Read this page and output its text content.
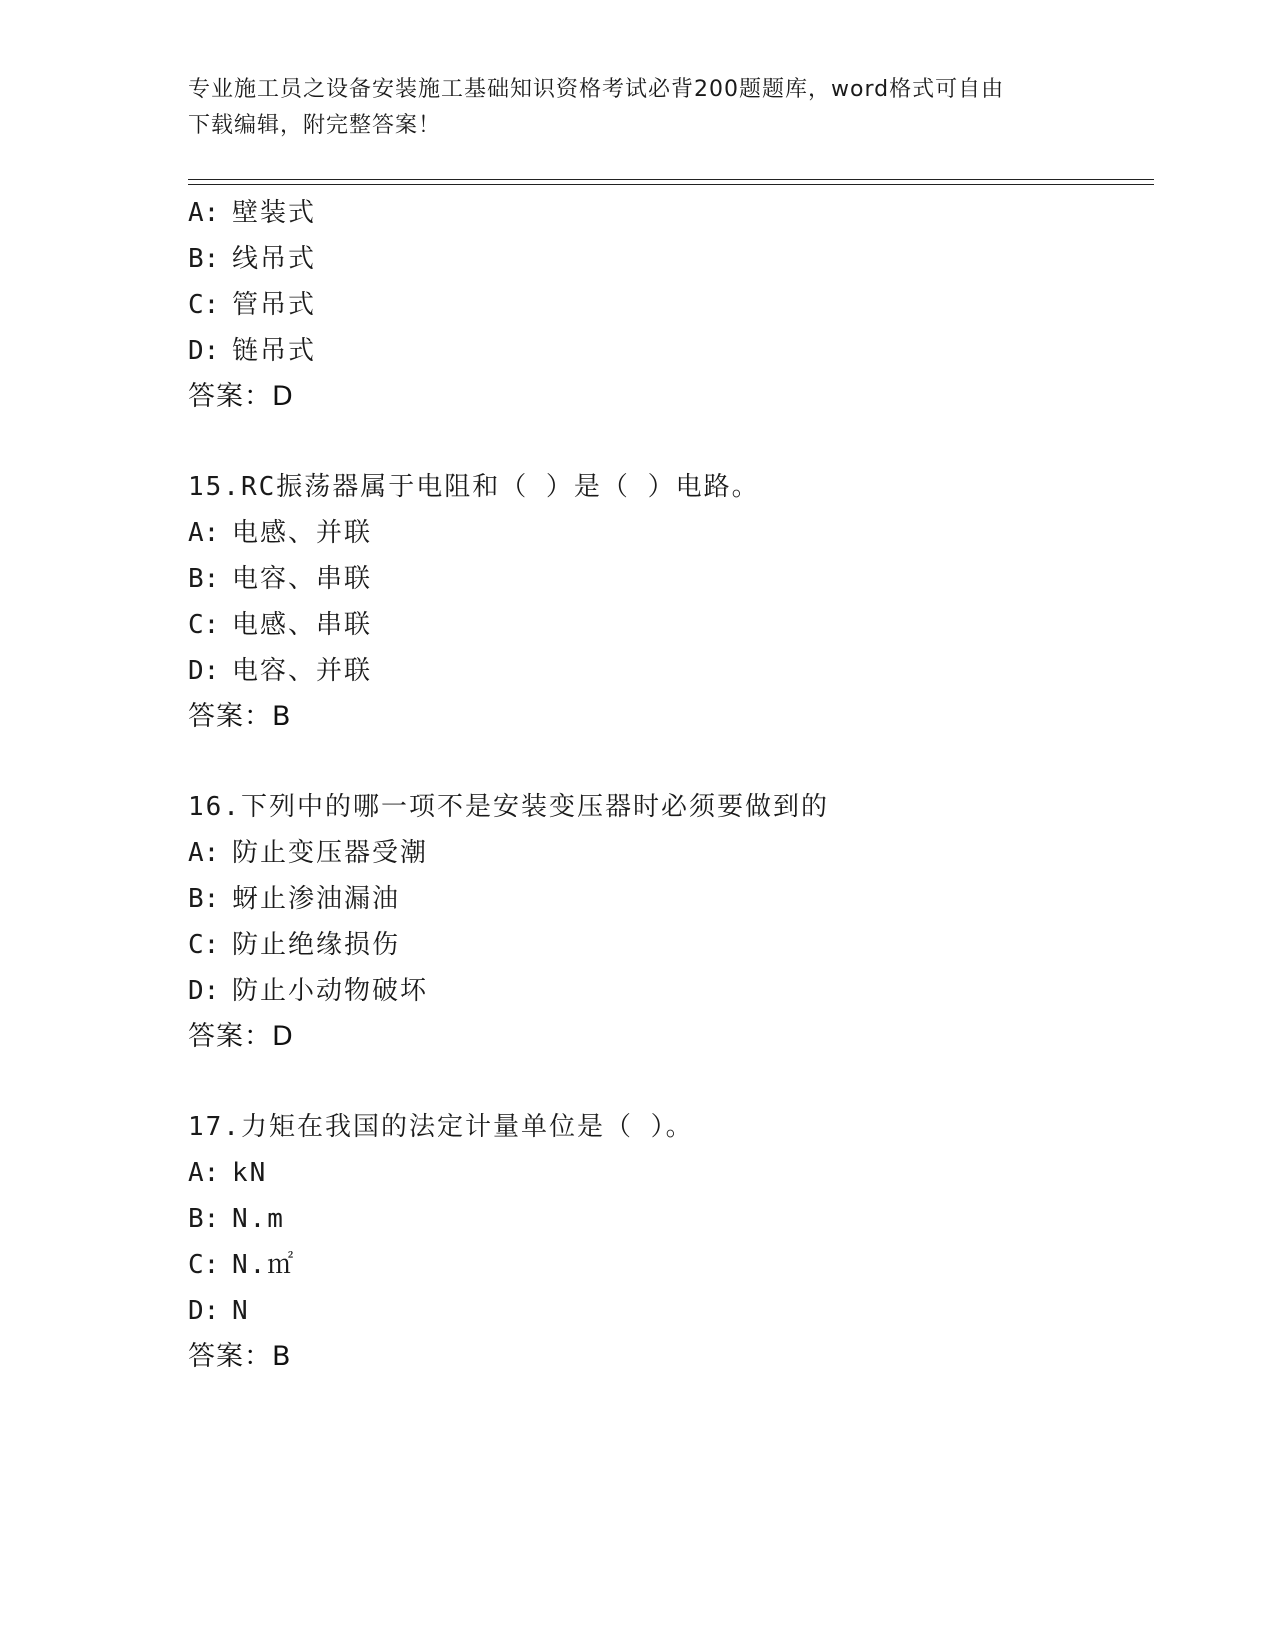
专业施工员之设备安装施工基础知识资格考试必背200题题库，word格式可自由
下载编辑，附完整答案！
A: 壁装式
B: 线吊式
C: 管吊式
D: 链吊式
答案：D
15.RC振荡器属于电阻和（ ）是（ ）电路。
A: 电感、并联
B: 电容、串联
C: 电感、串联
D: 电容、并联
答案：B
16.下列中的哪一项不是安装变压器时必须要做到的
A: 防止变压器受潮
B: 蚜止渗油漏油
C: 防止绝缘损伤
D: 防止小动物破坏
答案：D
17.力矩在我国的法定计量单位是（ ）。
A: kN
B: N.m
C: N.㎡
D: N
答案：B
